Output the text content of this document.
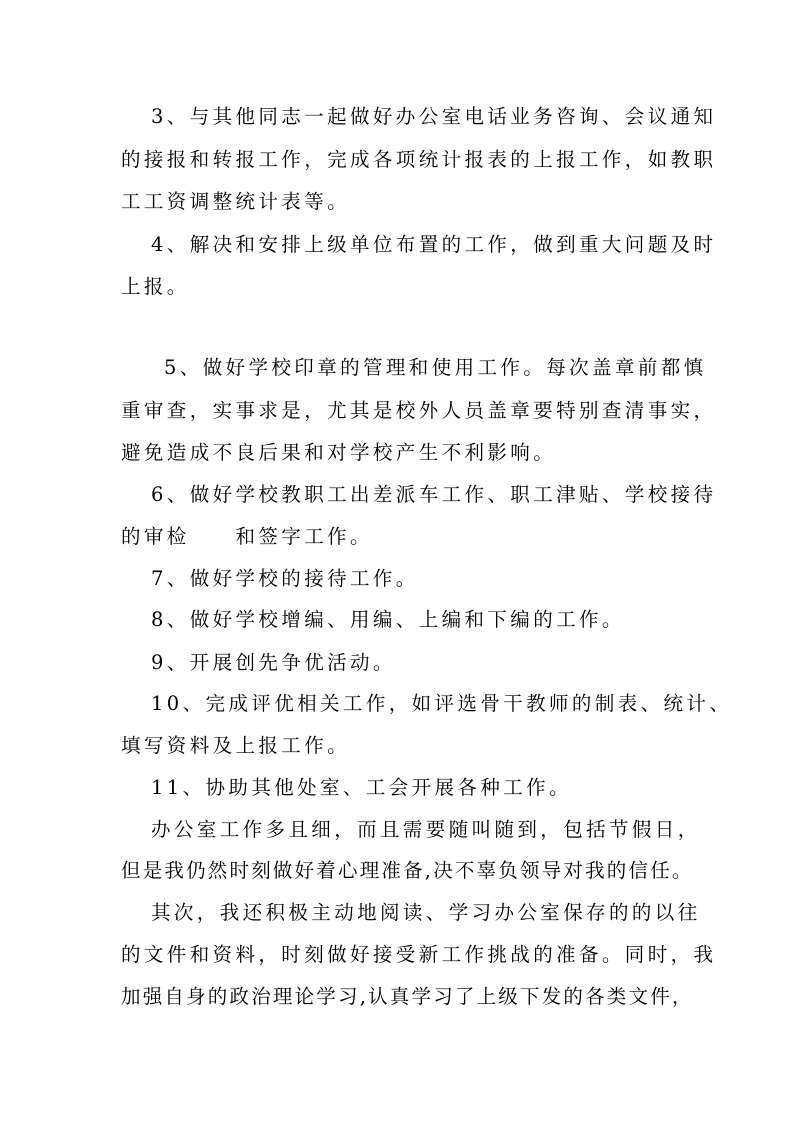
3、与其他同志一起做好办公室电话业务咨询、会议通知
的接报和转报工作，完成各项统计报表的上报工作，如教职
工工资调整统计表等。
4、解决和安排上级单位布置的工作，做到重大问题及时
上报。
5、做好学校印章的管理和使用工作。每次盖章前都慎
重审查，实事求是，尤其是校外人员盖章要特别查清事实，
避免造成不良后果和对学校产生不利影响。
6、做好学校教职工出差派车工作、职工津贴、学校接待
的审检　　和签字工作。
7、做好学校的接待工作。
8、做好学校增编、用编、上编和下编的工作。
9、开展创先争优活动。
10、完成评优相关工作，如评选骨干教师的制表、统计、
填写资料及上报工作。
11、协助其他处室、工会开展各种工作。
办公室工作多且细，而且需要随叫随到，包括节假日，
但是我仍然时刻做好着心理准备,决不辜负领导对我的信任。
其次，我还积极主动地阅读、学习办公室保存的的以往
的文件和资料，时刻做好接受新工作挑战的准备。同时，我
加强自身的政治理论学习,认真学习了上级下发的各类文件，
